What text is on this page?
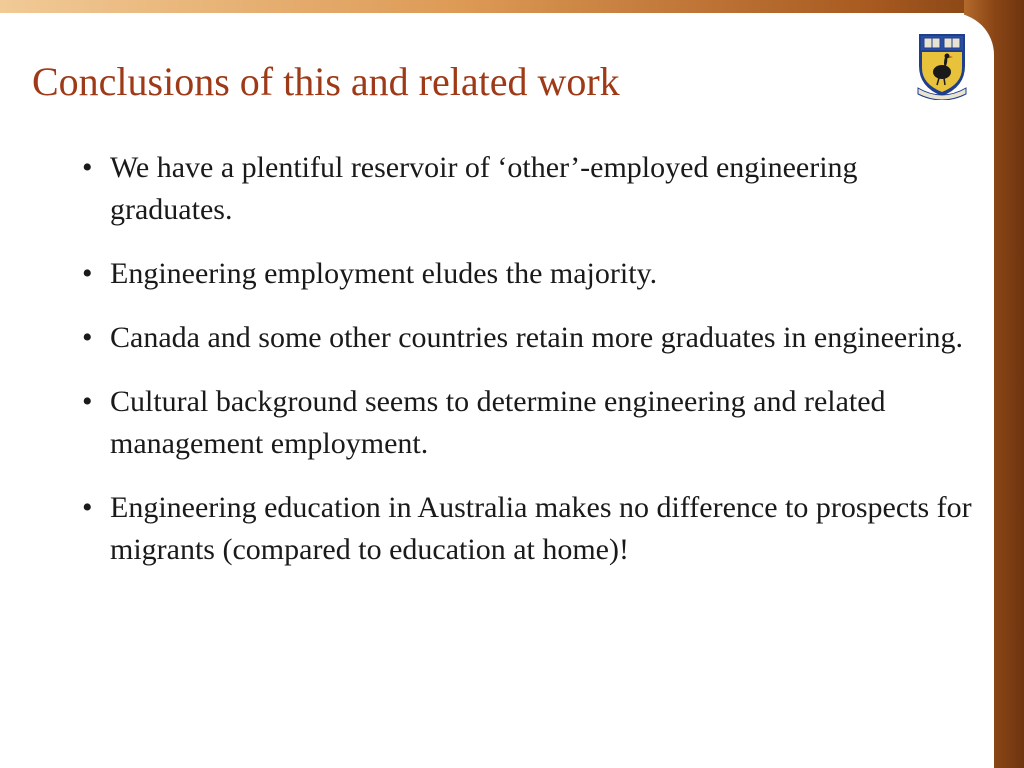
Conclusions of this and related work
• We have a plentiful reservoir of ‘other’-employed engineering graduates.
• Engineering employment eludes the majority.
• Canada and some other countries retain more graduates in engineering.
• Cultural background seems to determine engineering and related management employment.
• Engineering education in Australia makes no difference to prospects for migrants (compared to education at home)!
